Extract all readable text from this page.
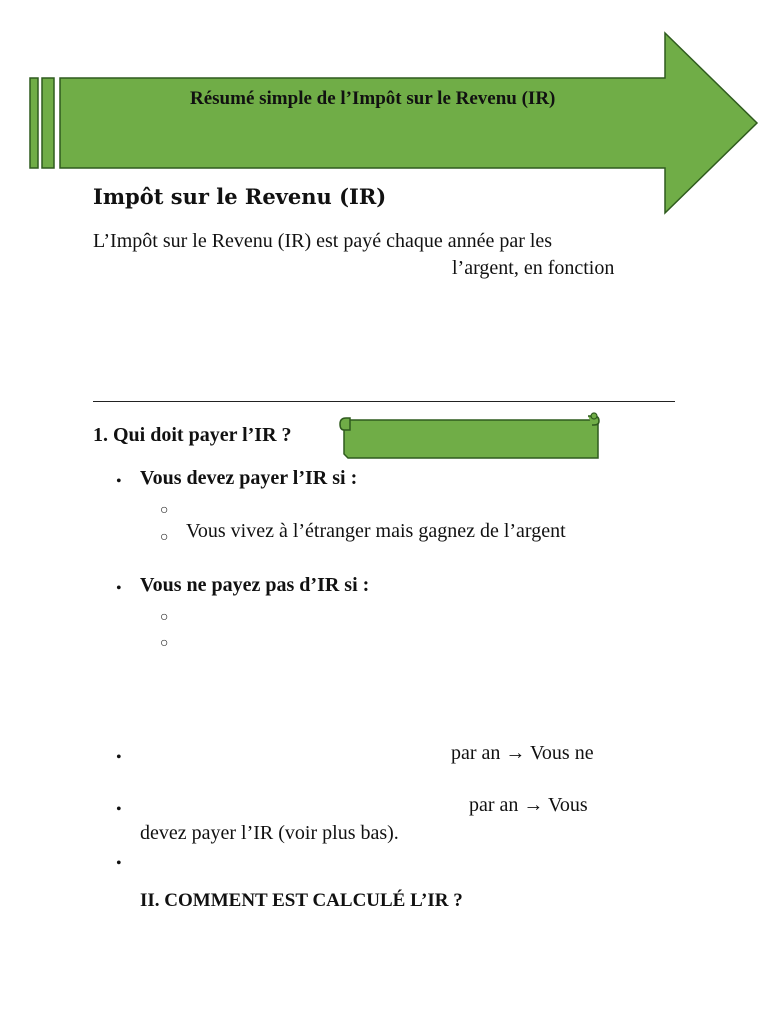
Résumé simple de l’Impôt sur le Revenu (IR)
Impôt sur le Revenu (IR)
L’Impôt sur le Revenu (IR) est payé chaque année par les
l’argent, en fonction
1. Qui doit payer l’IR ?
• Vous devez payer l’IR si :
○
○ Vous vivez à l’étranger mais gagnez de l’argent
• Vous ne payez pas d’IR si :
○
○
•	par an → Vous ne
•	par an → Vous
devez payer l’IR (voir plus bas).
•
II. COMMENT EST CALCULÉ L’IR ?
